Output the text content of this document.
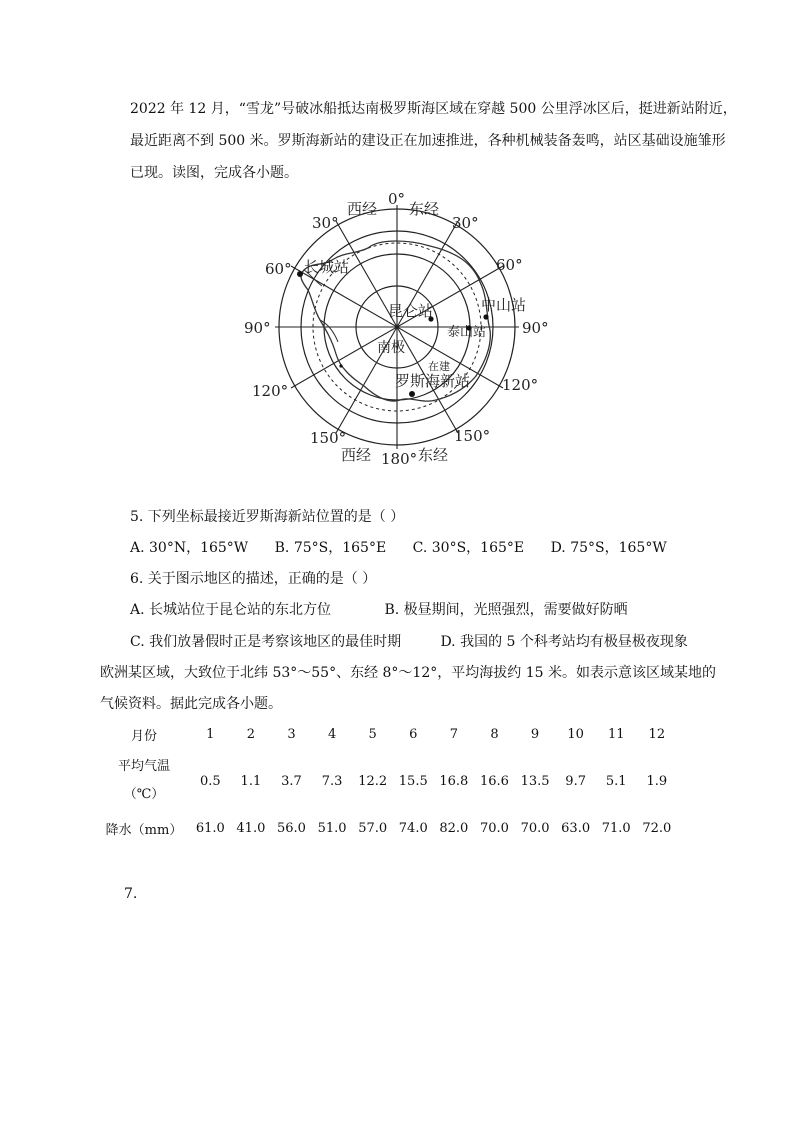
2022 年 12 月，“雪龙”号破冰船抵达南极罗斯海区域在穿越 500 公里浮冰区后，挺进新站附近，
最近距离不到 500 米。罗斯海新站的建设正在加速推进，各种机械装备轰鸣，站区基础设施雏形
已现。读图，完成各小题。
西经
0°
东经
30°	30°
60°	60°
90°	90°
120°	120°
150°	150°
西经 180° 东经
长城站
昆仑站	中山站
泰山站
南极
在建
罗斯海新站
5. 下列坐标最接近罗斯海新站位置的是（ ）
A. 30°N，165°W B. 75°S，165°E C. 30°S，165°E D. 75°S，165°W
6. 关于图示地区的描述，正确的是（ ）
A. 长城站位于昆仑站的东北方位	B. 极昼期间，光照强烈，需要做好防晒
C. 我们放暑假时正是考察该地区的最佳时期	D. 我国的 5 个科考站均有极昼极夜现象
欧洲某区域，大致位于北纬 53°～55°、东经 8°～12°，平均海拔约 15 米。如表示意该区域某地的
气候资料。据此完成各小题。
月份	1	2	3	4	5	6	7	8	9	10	11	12

平均气温
（℃）	0.5	1.1	3.7	7.3	12.2	15.5	16.8	16.6	13.5	9.7	5.1	1.9
降水（mm）	61.0	41.0	56.0	51.0	57.0	74.0	82.0	70.0	70.0	63.0	71.0	72.0
7.
